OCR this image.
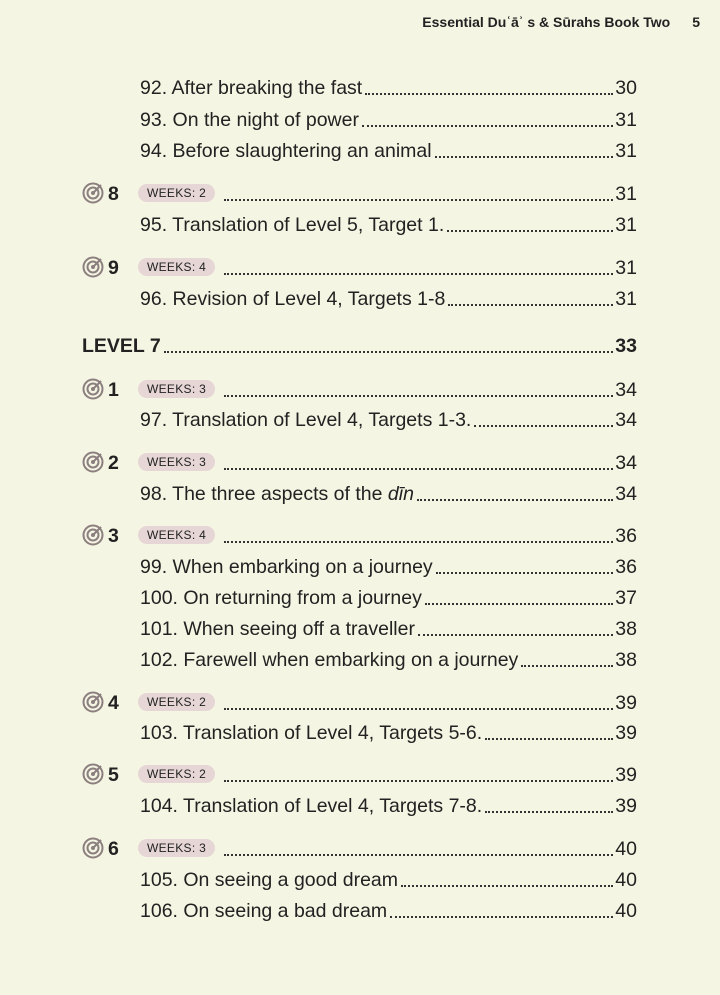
Essential Duʿāʾ s & Sūrahs Book Two 5
92. After breaking the fast	30
93. On the night of power	31
94. Before slaughtering an animal	31
8	WEEKS: 2	31
95. Translation of Level 5, Target 1.	31
9	WEEKS: 4	31
96. Revision of Level 4, Targets 1-8	31
LEVEL 7	33
1	WEEKS: 3	34
97. Translation of Level 4, Targets 1-3.	34
2	WEEKS: 3	34
98. The three aspects of the dīn	34
3	WEEKS: 4	36
99. When embarking on a journey	36
100. On returning from a journey	37
101. When seeing off a traveller	38
102. Farewell when embarking on a journey	38
4	WEEKS: 2	39
103. Translation of Level 4, Targets 5-6.	39
5	WEEKS: 2	39
104. Translation of Level 4, Targets 7-8.	39
6	WEEKS: 3	40
105. On seeing a good dream	40
106. On seeing a bad dream	40
